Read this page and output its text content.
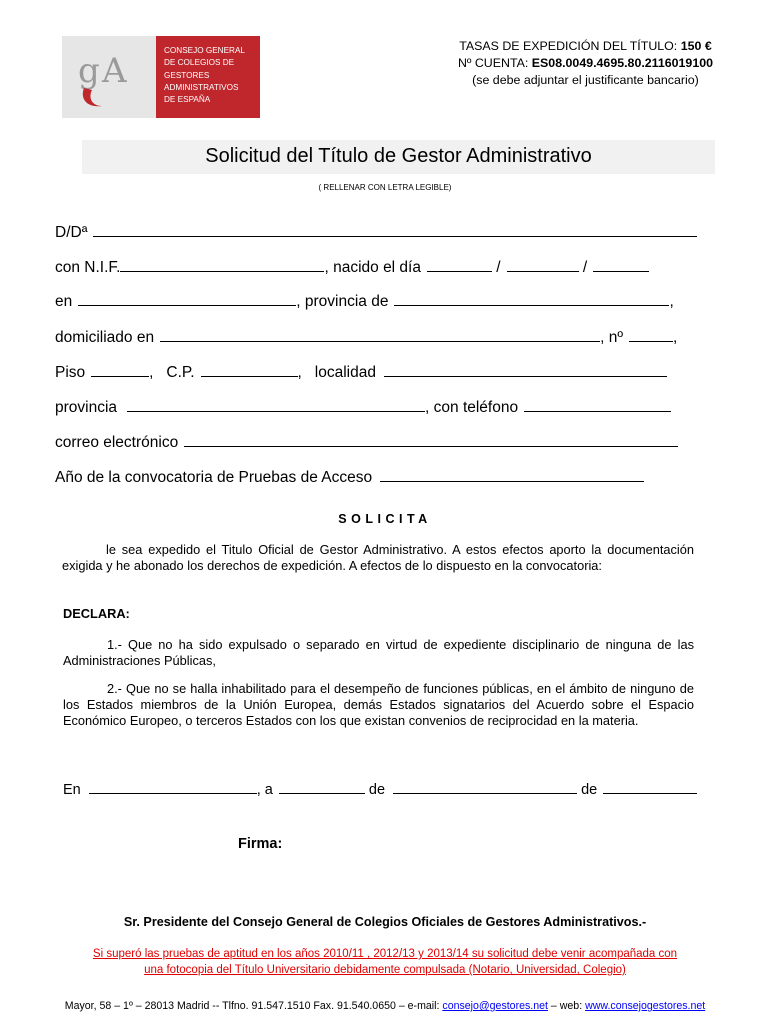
g A
CONSEJO GENERAL
DE COLEGIOS DE
GESTORES
ADMINISTRATIVOS
DE ESPAÑA
TASAS DE EXPEDICIÓN DEL TÍTULO: 150 €
Nº CUENTA: ES08.0049.4695.80.2116019100
(se debe adjuntar el justificante bancario)
Solicitud del Título de Gestor Administrativo
( RELLENAR CON LETRA LEGIBLE)
D/Dª
con N.I.F.	, nacido el día
	/
	/
en	, provincia de	,
domiciliado en	, nº	,
Piso	,   C.P.	,   localidad
provincia	, con teléfono
correo electrónico
Año de la convocatoria de Pruebas de Acceso
SOLICITA
le sea expedido el Titulo Oficial de Gestor Administrativo. A estos efectos aporto la documentación exigida y he abonado los derechos de expedición. A efectos de lo dispuesto en la convocatoria:
DECLARA:
1.- Que no ha sido expulsado o separado en virtud de expediente disciplinario de ninguna de las Administraciones Públicas,
2.- Que no se halla inhabilitado para el desempeño de funciones públicas, en el ámbito de ninguno de los Estados miembros de la Unión Europea, demás Estados signatarios del Acuerdo sobre el Espacio Económico Europeo, o terceros Estados con los que existan convenios de reciprocidad en la materia.
En	, a
	de
	de
Firma:
Sr. Presidente del Consejo General de Colegios Oficiales de Gestores Administrativos.-
Si superó las pruebas de aptitud en los años 2010/11 , 2012/13 y 2013/14 su solicitud debe venir acompañada con
una fotocopia del Título Universitario debidamente compulsada (Notario, Universidad, Colegio)
Mayor, 58 – 1º – 28013 Madrid -- Tlfno. 91.547.1510 Fax. 91.540.0650 – e-mail: consejo@gestores.net – web: www.consejogestores.net
